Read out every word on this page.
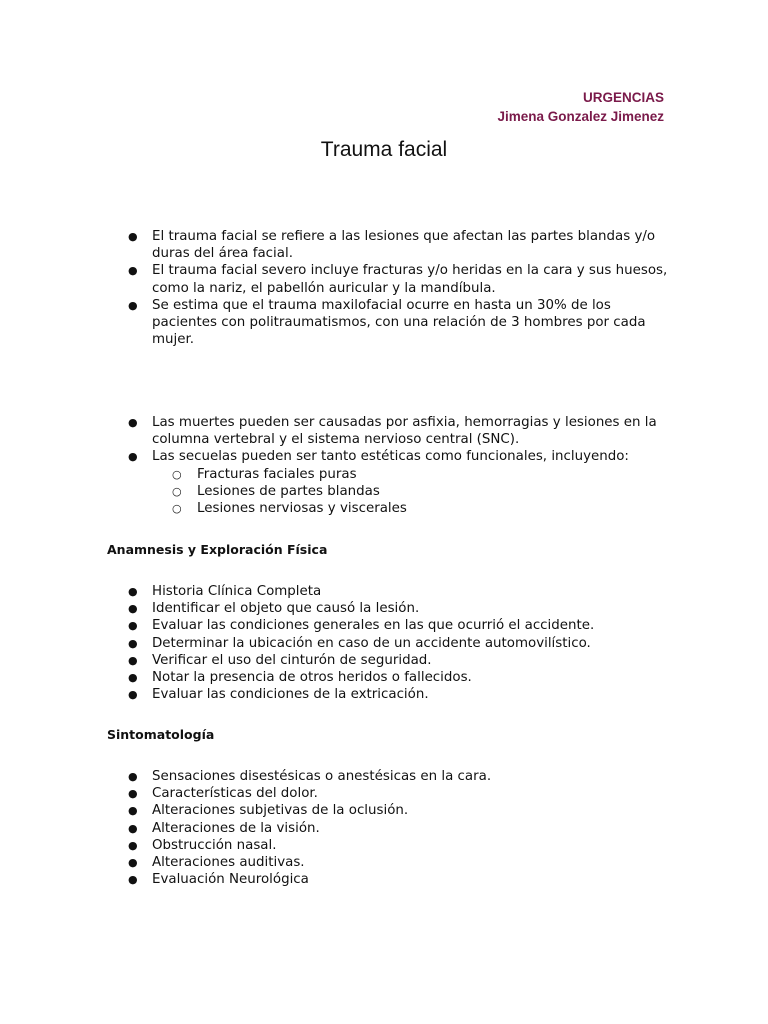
URGENCIAS
Jimena Gonzalez Jimenez
Trauma facial
● El trauma facial se refiere a las lesiones que afectan las partes blandas y/o duras del área facial.
● El trauma facial severo incluye fracturas y/o heridas en la cara y sus huesos, como la nariz, el pabellón auricular y la mandíbula.
● Se estima que el trauma maxilofacial ocurre en hasta un 30% de los pacientes con politraumatismos, con una relación de 3 hombres por cada mujer.
● Las muertes pueden ser causadas por asfixia, hemorragias y lesiones en la columna vertebral y el sistema nervioso central (SNC).
● Las secuelas pueden ser tanto estéticas como funcionales, incluyendo:
○ Fracturas faciales puras
○ Lesiones de partes blandas
○ Lesiones nerviosas y viscerales
Anamnesis y Exploración Física
● Historia Clínica Completa
● Identificar el objeto que causó la lesión.
● Evaluar las condiciones generales en las que ocurrió el accidente.
● Determinar la ubicación en caso de un accidente automovilístico.
● Verificar el uso del cinturón de seguridad.
● Notar la presencia de otros heridos o fallecidos.
● Evaluar las condiciones de la extricación.
Sintomatología
● Sensaciones disestésicas o anestésicas en la cara.
● Características del dolor.
● Alteraciones subjetivas de la oclusión.
● Alteraciones de la visión.
● Obstrucción nasal.
● Alteraciones auditivas.
● Evaluación Neurológica
